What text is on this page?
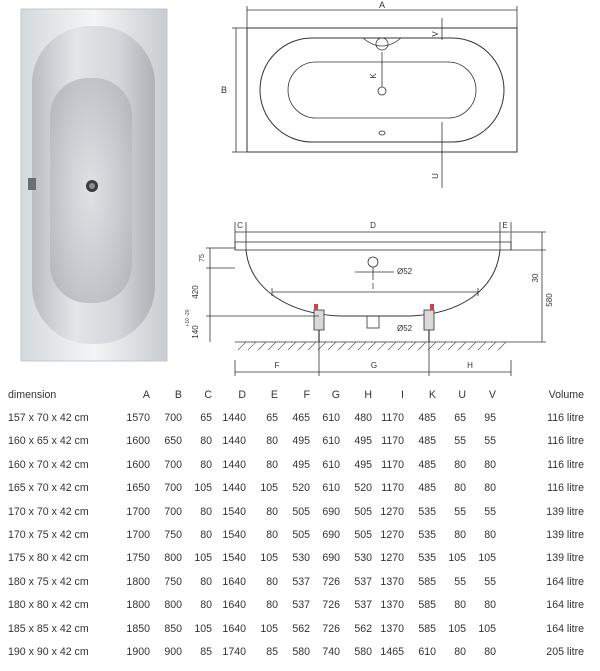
A
B
K
V
U
C	D	E
I
Ø52
Ø52
F	G	H
75
420
140
+10 -20
30
580
dimension	A	B	C	D	E	F	G	H	I	K	U	V	Volume
157 x 70 x 42 cm	1570	700	65	1440	65	465	610	480	1170	485	65	95	116 litre
160 x 65 x 42 cm	1600	650	80	1440	80	495	610	495	1170	485	55	55	116 litre
160 x 70 x 42 cm	1600	700	80	1440	80	495	610	495	1170	485	80	80	116 litre
165 x 70 x 42 cm	1650	700	105	1440	105	520	610	520	1170	485	80	80	116 litre
170 x 70 x 42 cm	1700	700	80	1540	80	505	690	505	1270	535	55	55	139 litre
170 x 75 x 42 cm	1700	750	80	1540	80	505	690	505	1270	535	80	80	139 litre
175 x 80 x 42 cm	1750	800	105	1540	105	530	690	530	1270	535	105	105	139 litre
180 x 75 x 42 cm	1800	750	80	1640	80	537	726	537	1370	585	55	55	164 litre
180 x 80 x 42 cm	1800	800	80	1640	80	537	726	537	1370	585	80	80	164 litre
185 x 85 x 42 cm	1850	850	105	1640	105	562	726	562	1370	585	105	105	164 litre
190 x 90 x 42 cm	1900	900	85	1740	85	580	740	580	1465	610	80	80	205 litre
